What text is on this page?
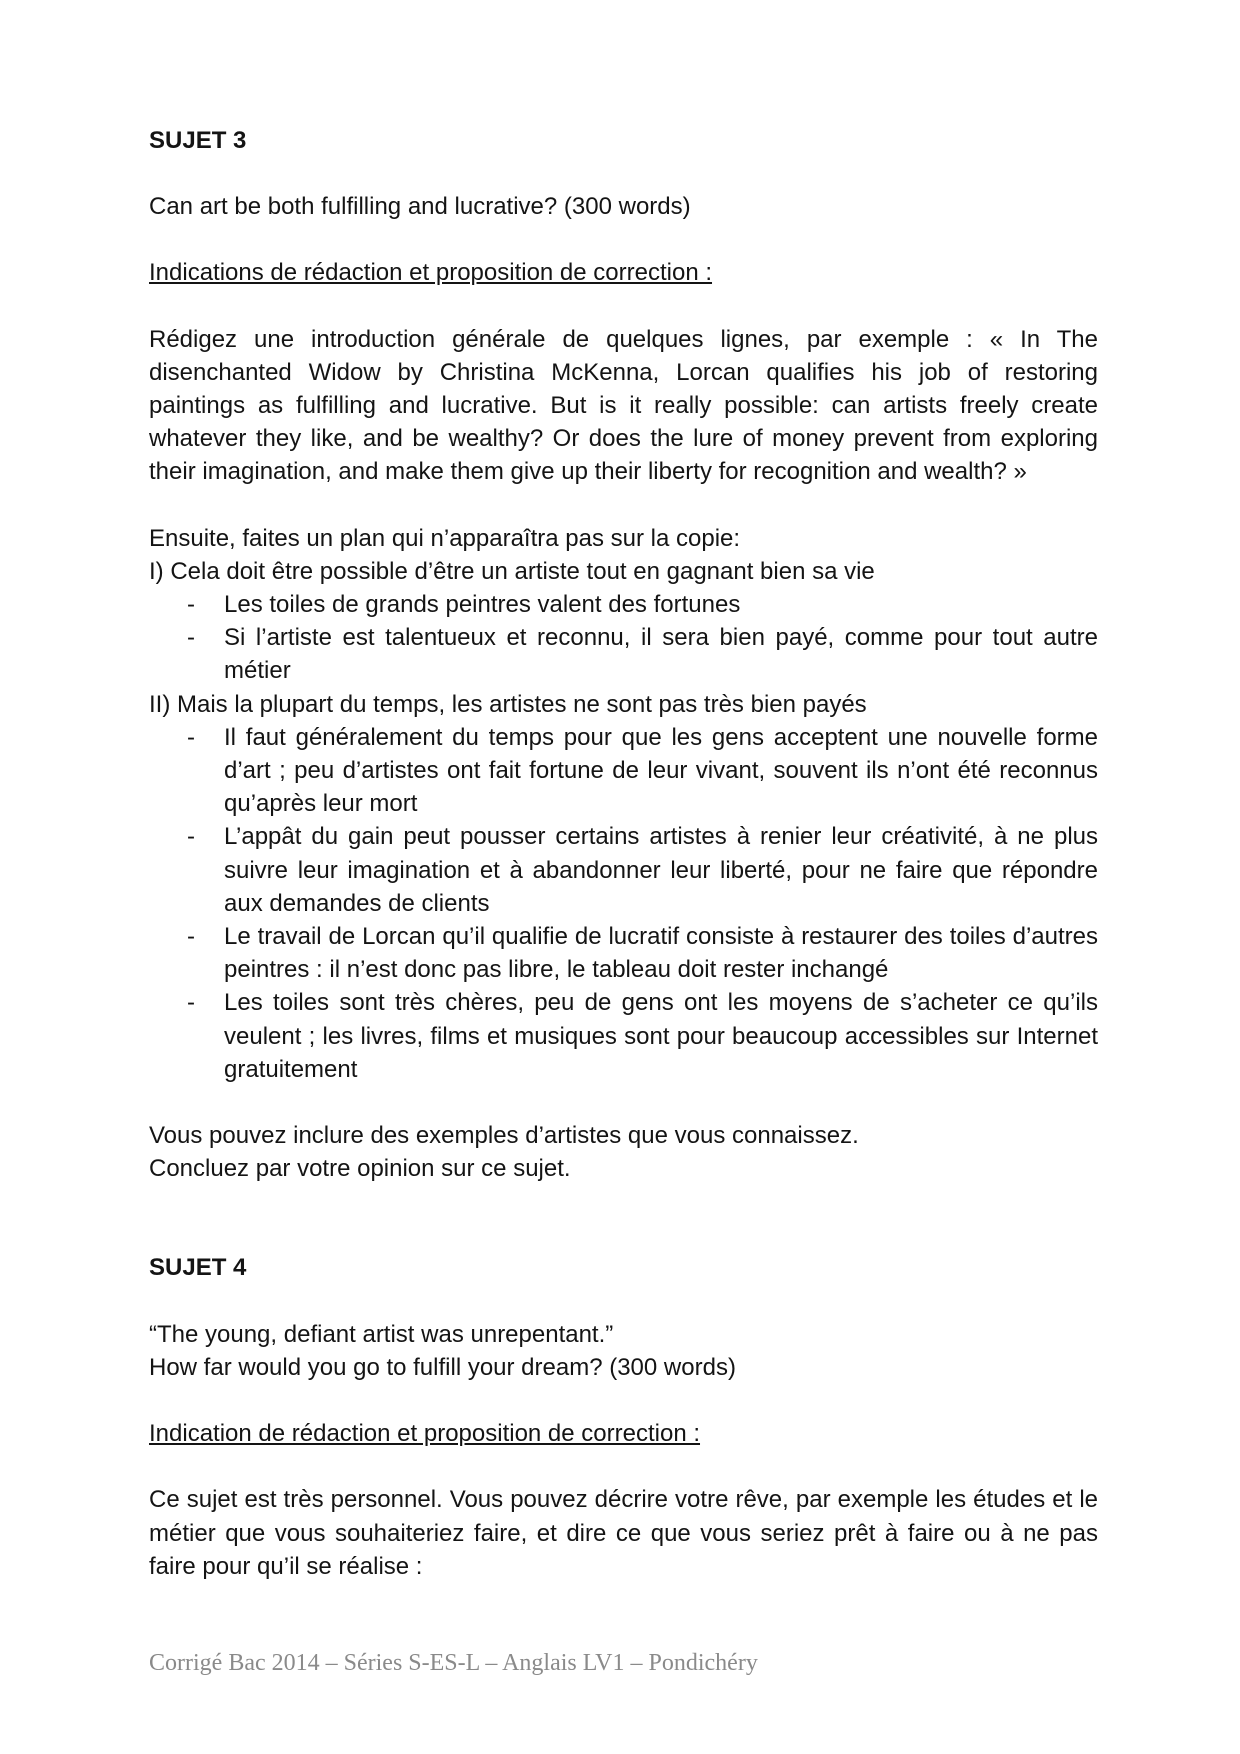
SUJET 3

Can art be both fulfilling and lucrative? (300 words)

Indications de rédaction et proposition de correction :

Rédigez une introduction générale de quelques lignes, par exemple : « In The disenchanted Widow by Christina McKenna, Lorcan qualifies his job of restoring paintings as fulfilling and lucrative. But is it really possible: can artists freely create whatever they like, and be wealthy? Or does the lure of money prevent from exploring their imagination, and make them give up their liberty for recognition and wealth? »

Ensuite, faites un plan qui n’apparaîtra pas sur la copie:

I) Cela doit être possible d’être un artiste tout en gagnant bien sa vie

- Les toiles de grands peintres valent des fortunes
- Si l’artiste est talentueux et reconnu, il sera bien payé, comme pour tout autre métier

II) Mais la plupart du temps, les artistes ne sont pas très bien payés

- Il faut généralement du temps pour que les gens acceptent une nouvelle forme d’art ; peu d’artistes ont fait fortune de leur vivant, souvent ils n’ont été reconnus qu’après leur mort
- L’appât du gain peut pousser certains artistes à renier leur créativité, à ne plus suivre leur imagination et à abandonner leur liberté, pour ne faire que répondre aux demandes de clients
- Le travail de Lorcan qu’il qualifie de lucratif consiste à restaurer des toiles d’autres peintres : il n’est donc pas libre, le tableau doit rester inchangé
- Les toiles sont très chères, peu de gens ont les moyens de s’acheter ce qu’ils veulent ; les livres, films et musiques sont pour beaucoup accessibles sur Internet gratuitement

Vous pouvez inclure des exemples d’artistes que vous connaissez.

Concluez par votre opinion sur ce sujet.

SUJET 4

“The young, defiant artist was unrepentant.”

How far would you go to fulfill your dream? (300 words)

Indication de rédaction et proposition de correction :

Ce sujet est très personnel. Vous pouvez décrire votre rêve, par exemple les études et le métier que vous souhaiteriez faire, et dire ce que vous seriez prêt à faire ou à ne pas faire pour qu’il se réalise :

Corrigé Bac 2014 – Séries S-ES-L – Anglais LV1 – Pondichéry
